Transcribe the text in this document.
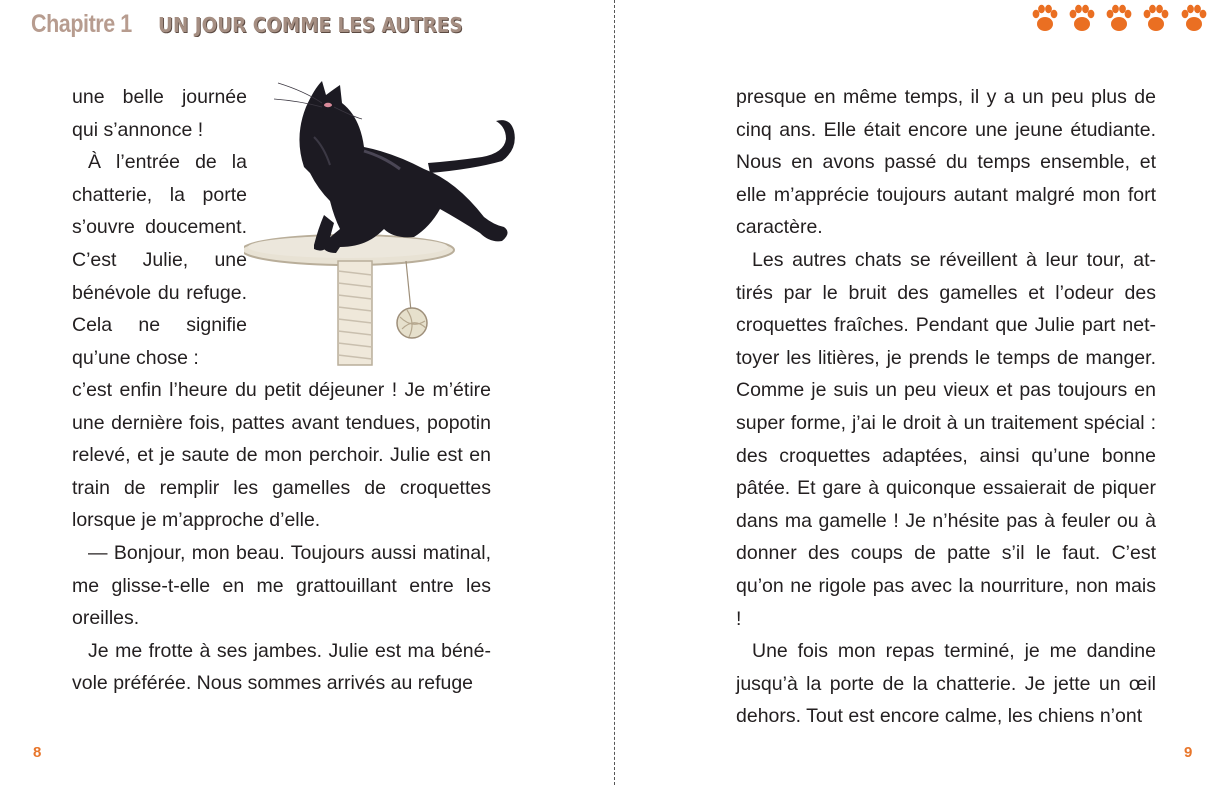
Chapitre 1 UN JOUR COMME LES AUTRES

une belle journée qui s’annonce !

À l’entrée de la chatterie, la porte s’ouvre doucement. C’est Julie, une bénévole du refuge. Cela ne signifie qu’une chose :

c’est enfin l’heure du petit déjeuner ! Je m’étire une dernière fois, pattes avant tendues, popotin relevé, et je saute de mon perchoir. Julie est en train de remplir les gamelles de croquettes lorsque je m’approche d’elle.

— Bonjour, mon beau. Toujours aussi matinal, me glisse-t-elle en me grattouillant entre les oreilles.

Je me frotte à ses jambes. Julie est ma bénévole préférée. Nous sommes arrivés au refuge

8

presque en même temps, il y a un peu plus de cinq ans. Elle était encore une jeune étudiante. Nous en avons passé du temps ensemble, et elle m’apprécie toujours autant malgré mon fort caractère.

Les autres chats se réveillent à leur tour, attirés par le bruit des gamelles et l’odeur des croquettes fraîches. Pendant que Julie part nettoyer les litières, je prends le temps de manger. Comme je suis un peu vieux et pas toujours en super forme, j’ai le droit à un traitement spécial : des croquettes adaptées, ainsi qu’une bonne pâtée. Et gare à quiconque essaierait de piquer dans ma gamelle ! Je n’hésite pas à feuler ou à donner des coups de patte s’il le faut. C’est qu’on ne rigole pas avec la nourriture, non mais !

Une fois mon repas terminé, je me dandine jusqu’à la porte de la chatterie. Je jette un œil dehors. Tout est encore calme, les chiens n’ont

9
